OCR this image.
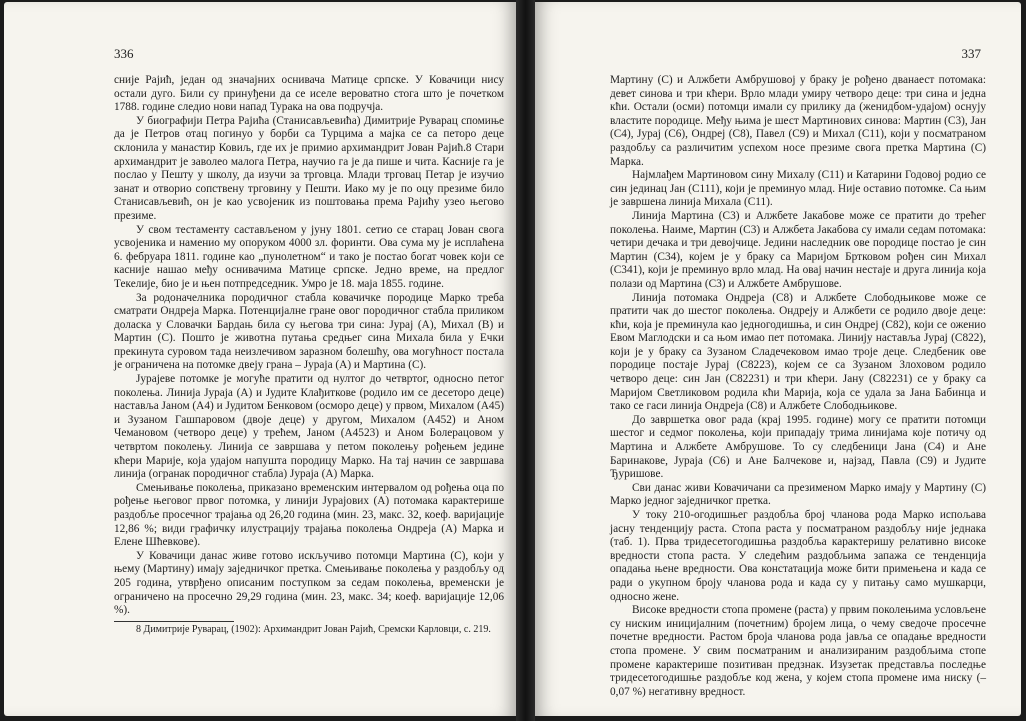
336

сније Рајић, један од значајних оснивача Матице српске. У Ковачици нису остали дуго. Били су принуђени да се иселе вероватно стога што је почетком 1788. године следио нови напад Турака на ова подручја.

У биографији Петра Рајића (Станисављевића) Димитрије Руварац спомиње да је Петров отац погинуо у борби са Турцима а мајка се са петоро деце склонила у манастир Ковиљ, где их је примио архимандрит Јован Рајић.8 Стари архимандрит је заволео малога Петра, научио га је да пише и чита. Касније га је послао у Пешту у школу, да изучи за трговца. Млади трговац Петар је изучио занат и отворио сопствену трговину у Пешти. Иако му је по оцу презиме било Станисављевић, он је као усвојеник из поштовања према Рајићу узео његово презиме.

У свом тестаменту састављеном у јуну 1801. сетио се старац Јован свога усвојеника и наменио му опоруком 4000 зл. форинти. Ова сума му је исплаћена 6. фебруара 1811. године као „пунолетном“ и тако је постао богат човек који се касније нашао међу оснивачима Матице српске. Једно време, на предлог Текелије, био је и њен потпредседник. Умро је 18. маја 1855. године.

За родоначелника породичног стабла ковачичке породице Марко треба сматрати Ондреја Марка. Потенцијалне гране овог породичног стабла приликом доласка у Словачки Бардањ била су његова три сина: Јурај (A), Михал (B) и Мартин (C). Пошто је животна путања средњег сина Михала била у Ечки прекинута суровом тада неизлечивом заразном болешћу, ова могућност постала је ограничена на потомке двеју грана – Јураја (A) и Мартина (C).

Јурајеве потомке је могуће пратити од нултог до четвртог, односно петог поколења. Линија Јураја (A) и Јудите Клађиткове (родило им се десеторо деце) наставља Јаном (A4) и Јудитом Бенковом (осморо деце) у првом, Михалом (A45) и Зузаном Гашпаровом (двоје деце) у другом, Михалом (A452) и Аном Чемановом (четворо деце) у трећем, Јаном (A4523) и Аном Болерацовом у четвртом поколењу. Линија се завршава у петом поколењу рођењем једине кћери Марије, која удајом напушта породицу Марко. На тај начин се завршава линија (огранак породичног стабла) Јураја (A) Марка.

Смењивање поколења, приказано временским интервалом од рођења оца по рођење његовог првог потомка, у линији Јурајових (A) потомака карактерише раздобље просечног трајања од 26,20 година (мин. 23, макс. 32, коеф. варијације 12,86 %; види графичку илустрацију трајања поколења Ондреја (A) Марка и Елене Шћевкове).

У Ковачици данас живе готово искључиво потомци Мартина (C), који у њему (Мартину) имају заједничког претка. Смењивање поколења у раздобљу од 205 година, утврђено описаним поступком за седам поколења, временски је ограничено на просечно 29,29 година (мин. 23, макс. 34; коеф. варијације 12,06 %).

8 Димитрије Руварац, (1902): Архимандрит Јован Рајић, Сремски Карловци, с. 219.

337

Мартину (C) и Алжбети Амбрушовој у браку је рођено дванаест потомака: девет синова и три кћери. Врло млади умиру четворо деце: три сина и једна кћи. Остали (осми) потомци имали су прилику да (женидбом-удајом) оснују властите породице. Међу њима је шест Мартинових синова: Мартин (C3), Јан (C4), Јурај (C6), Ондреј (C8), Павел (C9) и Михал (C11), који у посматраном раздобљу са различитим успехом носе презиме свога претка Мартина (C) Марка.

Најмлађем Мартиновом сину Михалу (C11) и Катарини Годовој родио се син јединац Јан (C111), који је преминуо млад. Није оставио потомке. Са њим је завршена линија Михала (C11).

Линија Мартина (C3) и Алжбете Јакабове може се пратити до трећег поколења. Наиме, Мартин (C3) и Алжбета Јакабова су имали седам потомака: четири дечака и три девојчице. Једини наследник ове породице постао је син Мартин (C34), којем је у браку са Маријом Бртковом рођен син Михал (C341), који је преминуо врло млад. На овај начин нестаје и друга линија која полази од Мартина (C3) и Алжбете Амбрушове.

Линија потомака Ондреја (C8) и Алжбете Слободњиковe може се пратити чак до шестог поколења. Ондреју и Алжбети се родило двоје деце: кћи, која је преминула као једногодишња, и син Ондреј (C82), који се оженио Евом Маглодски и са њом имао пет потомака. Линију наставља Јурај (C822), који је у браку са Зузаном Сладечековом имао троје деце. Следбеник ове породице постаје Јурај (C8223), којем се са Зузаном Злоховом родило четворо деце: син Јан (C82231) и три кћери. Јану (C82231) се у браку са Маријом Светликовом родила кћи Марија, која се удала за Јана Бабинца и тако се гаси линија Ондреја (C8) и Алжбете Слободњиковe.

До завршетка овог рада (крај 1995. године) могу се пратити потомци шестог и седмог поколења, који припадају трима линијама које потичу од Мартина и Алжбете Амбрушове. То су следбеници Јана (C4) и Ане Баринакове, Јураја (C6) и Ане Балчекове и, најзад, Павла (C9) и Јудите Ђуришове.

Сви данас живи Ковачичани са презименом Марко имају у Мартину (C) Марко једног заједничког претка.

У току 210-огодишњег раздобља број чланова рода Марко испољава јасну тенденцију раста. Стопа раста у посматраном раздобљу није једнака (таб. 1). Прва тридесетогодишња раздобља карактеришу релативно високе вредности стопа раста. У следећим раздобљима запажа се тенденција опадања њене вредности. Ова констатација може бити примењена и када се ради о укупном броју чланова рода и када су у питању само мушкарци, односно жене.

Високе вредности стопа промене (раста) у првим поколењима условљене су ниским иницијалним (почетним) бројем лица, о чему сведоче просечне почетне вредности. Растом броја чланова рода јавља се опадање вредности стопа промене. У свим посматраним и анализираним раздобљима стопе промене карактерише позитиван предзнак. Изузетак представља последње тридесетогодишње раздобље код жена, у којем стопа промене има ниску (–0,07 %) негативну вредност.
